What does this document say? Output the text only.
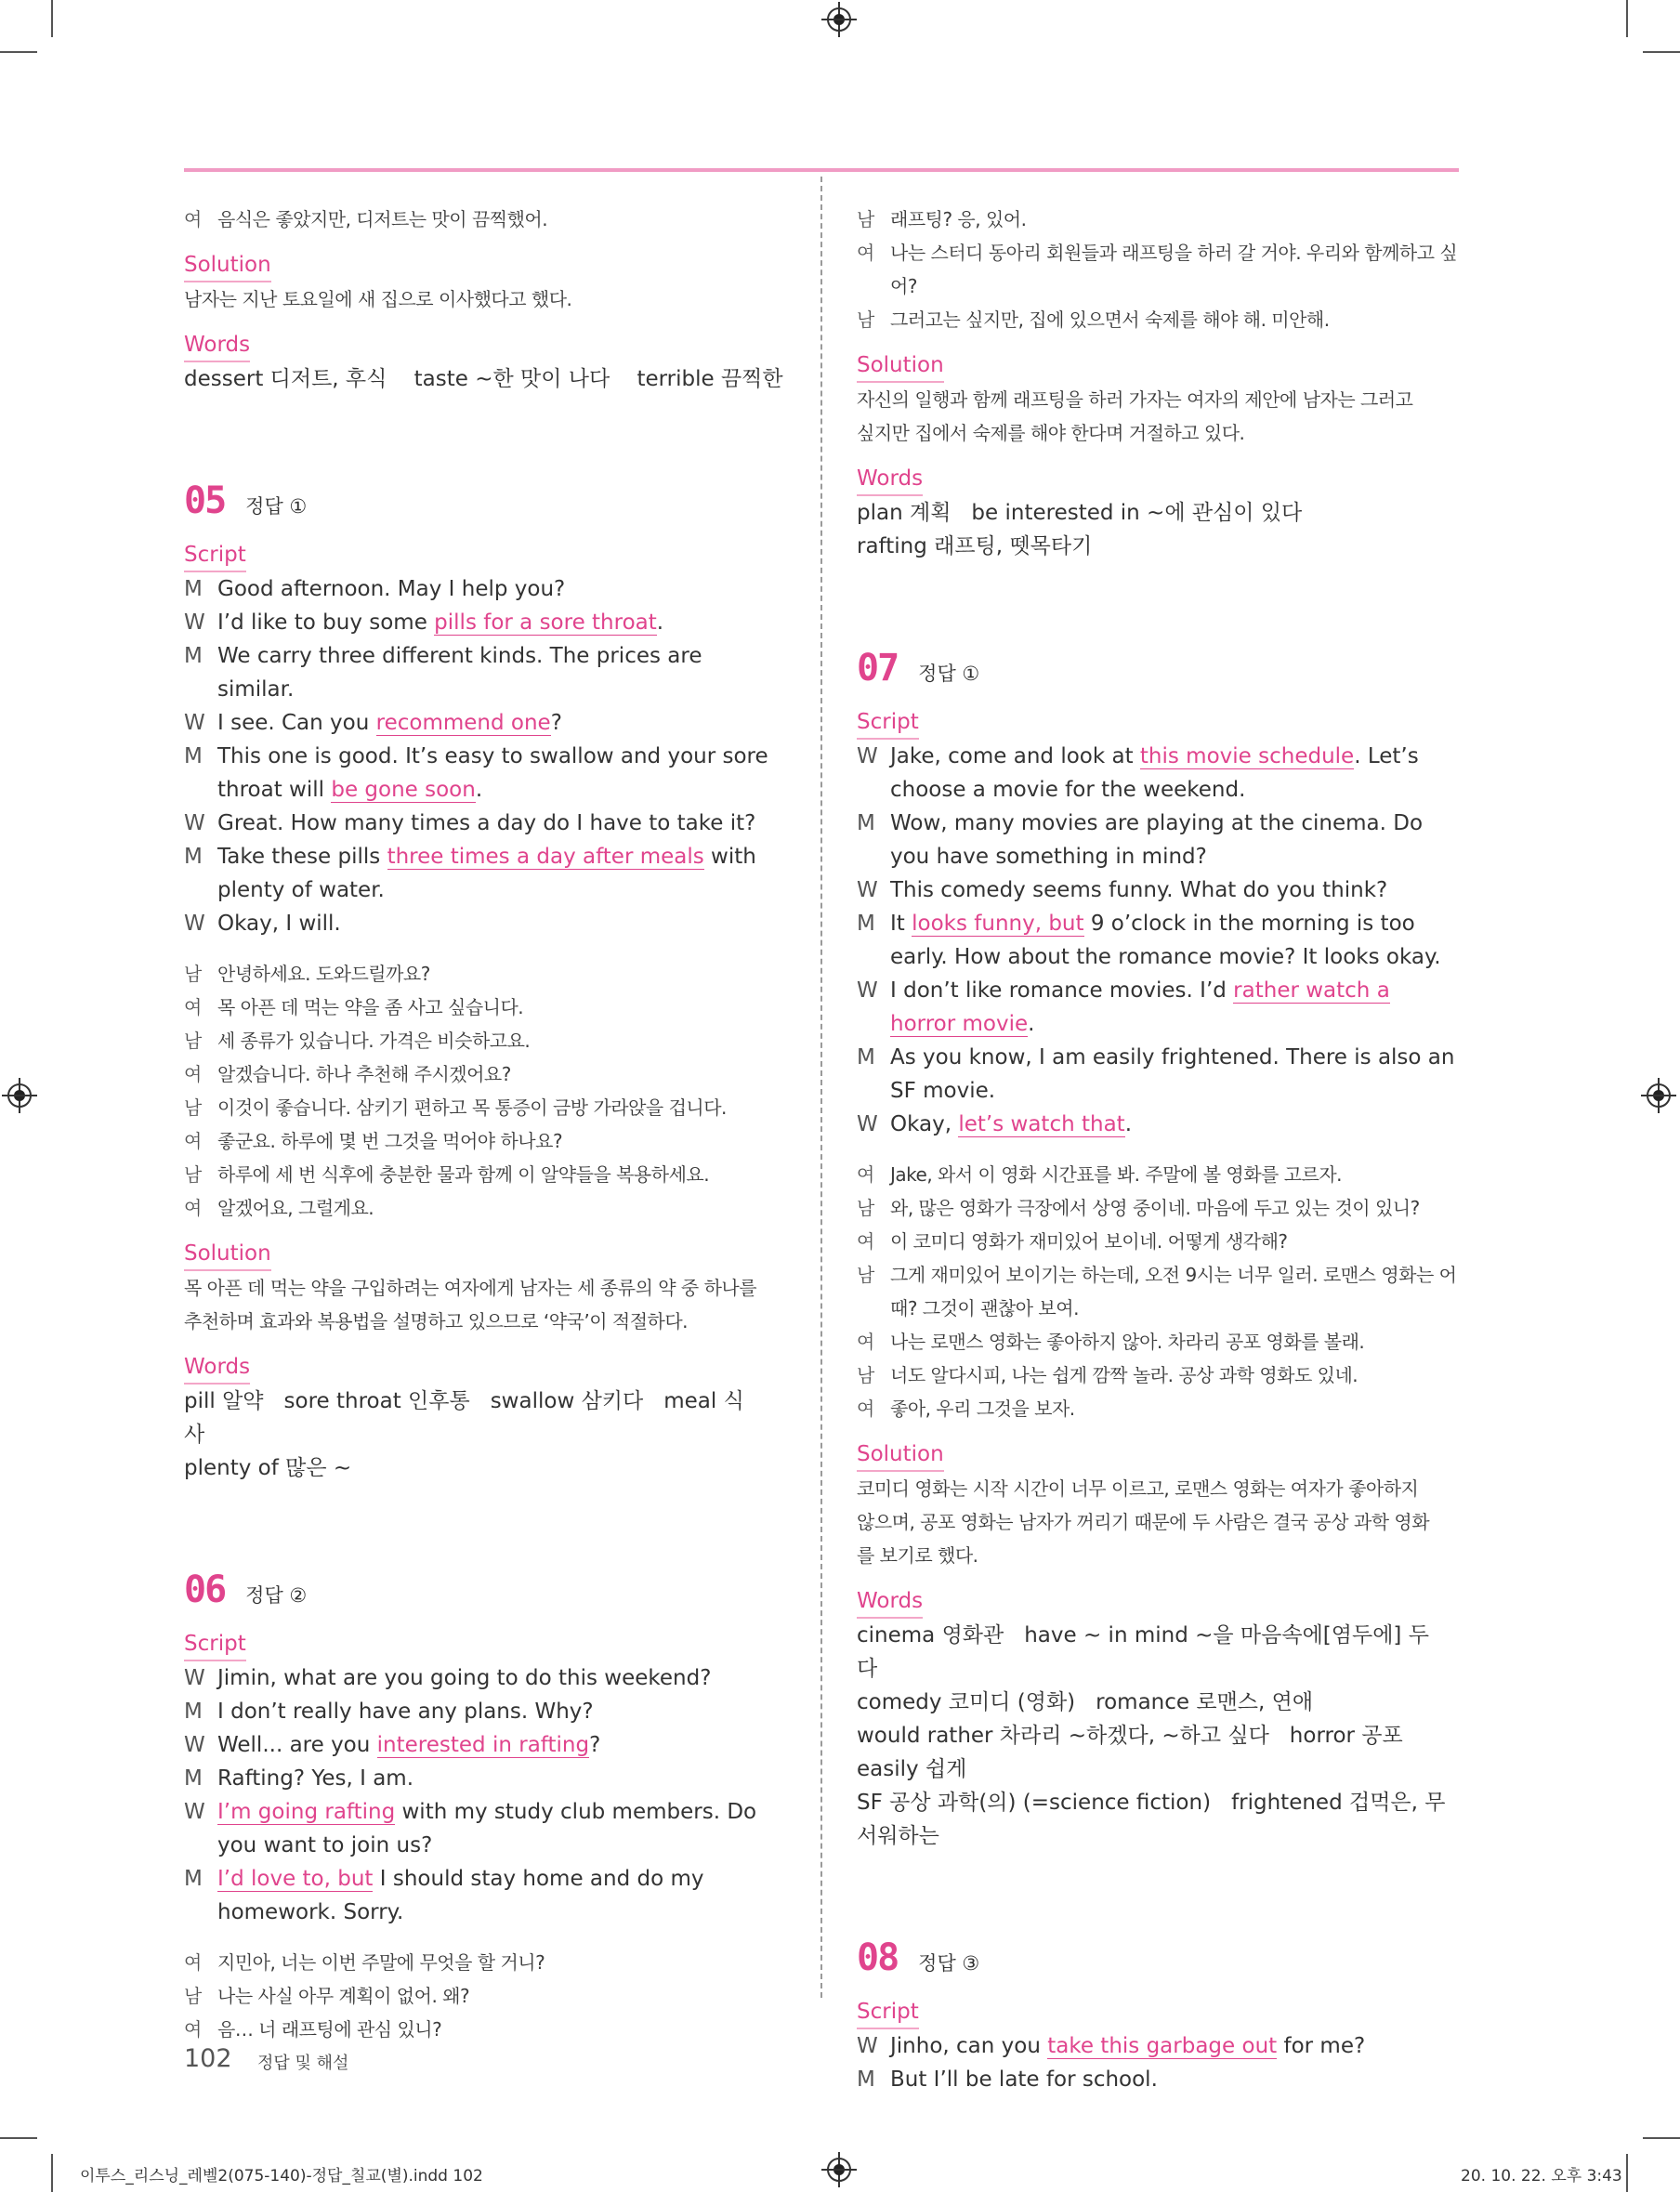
여 음식은 좋았지만, 디저트는 맛이 끔찍했어.
Solution
남자는 지난 토요일에 새 집으로 이사했다고 했다.
Words
dessert 디저트, 후식 taste ~한 맛이 나다 terrible 끔찍한
05 정답 ①
Script
M Good afternoon. May I help you?
W I’d like to buy some pills for a sore throat.
M We carry three different kinds. The prices are similar.
W I see. Can you recommend one?
M This one is good. It’s easy to swallow and your sore throat will be gone soon.
W Great. How many times a day do I have to take it?
M Take these pills three times a day after meals with plenty of water.
W Okay, I will.
남 안녕하세요. 도와드릴까요?
여 목 아픈 데 먹는 약을 좀 사고 싶습니다.
남 세 종류가 있습니다. 가격은 비슷하고요.
여 알겠습니다. 하나 추천해 주시겠어요?
남 이것이 좋습니다. 삼키기 편하고 목 통증이 금방 가라앉을 겁니다.
여 좋군요. 하루에 몇 번 그것을 먹어야 하나요?
남 하루에 세 번 식후에 충분한 물과 함께 이 알약들을 복용하세요.
여 알겠어요, 그럴게요.
Solution
목 아픈 데 먹는 약을 구입하려는 여자에게 남자는 세 종류의 약 중 하나를
추천하며 효과와 복용법을 설명하고 있으므로 ‘약국’이 적절하다.
Words
pill 알약 sore throat 인후통 swallow 삼키다 meal 식사
plenty of 많은 ~
06 정답 ②
Script
W Jimin, what are you going to do this weekend?
M I don’t really have any plans. Why?
W Well... are you interested in rafting?
M Rafting? Yes, I am.
W I’m going rafting with my study club members. Do you want to join us?
M I’d love to, but I should stay home and do my homework. Sorry.
여 지민아, 너는 이번 주말에 무엇을 할 거니?
남 나는 사실 아무 계획이 없어. 왜?
여 음… 너 래프팅에 관심 있니?
남 래프팅? 응, 있어.
여 나는 스터디 동아리 회원들과 래프팅을 하러 갈 거야. 우리와 함께하고 싶어?
남 그러고는 싶지만, 집에 있으면서 숙제를 해야 해. 미안해.
Solution
자신의 일행과 함께 래프팅을 하러 가자는 여자의 제안에 남자는 그러고
싶지만 집에서 숙제를 해야 한다며 거절하고 있다.
Words
plan 계획 be interested in ~에 관심이 있다
rafting 래프팅, 뗏목타기
07 정답 ①
Script
W Jake, come and look at this movie schedule. Let’s choose a movie for the weekend.
M Wow, many movies are playing at the cinema. Do you have something in mind?
W This comedy seems funny. What do you think?
M It looks funny, but 9 o’clock in the morning is too early. How about the romance movie? It looks okay.
W I don’t like romance movies. I’d rather watch a horror movie.
M As you know, I am easily frightened. There is also an SF movie.
W Okay, let’s watch that.
여 Jake, 와서 이 영화 시간표를 봐. 주말에 볼 영화를 고르자.
남 와, 많은 영화가 극장에서 상영 중이네. 마음에 두고 있는 것이 있니?
여 이 코미디 영화가 재미있어 보이네. 어떻게 생각해?
남 그게 재미있어 보이기는 하는데, 오전 9시는 너무 일러. 로맨스 영화는 어때? 그것이 괜찮아 보여.
여 나는 로맨스 영화는 좋아하지 않아. 차라리 공포 영화를 볼래.
남 너도 알다시피, 나는 쉽게 깜짝 놀라. 공상 과학 영화도 있네.
여 좋아, 우리 그것을 보자.
Solution
코미디 영화는 시작 시간이 너무 이르고, 로맨스 영화는 여자가 좋아하지
않으며, 공포 영화는 남자가 꺼리기 때문에 두 사람은 결국 공상 과학 영화
를 보기로 했다.
Words
cinema 영화관 have ~ in mind ~을 마음속에[염두에] 두다
comedy 코미디 (영화) romance 로맨스, 연애
would rather 차라리 ~하겠다, ~하고 싶다 horror 공포easily 쉽게
SF 공상 과학(의) (=science fiction) frightened 겁먹은, 무서워하는
08 정답 ③
Script
W Jinho, can you take this garbage out for me?
M But I’ll be late for school.
102 정답 및 해설
이투스_리스닝_레벨2(075-140)-정답_칠교(별).indd 102	20. 10. 22. 오후 3:43
